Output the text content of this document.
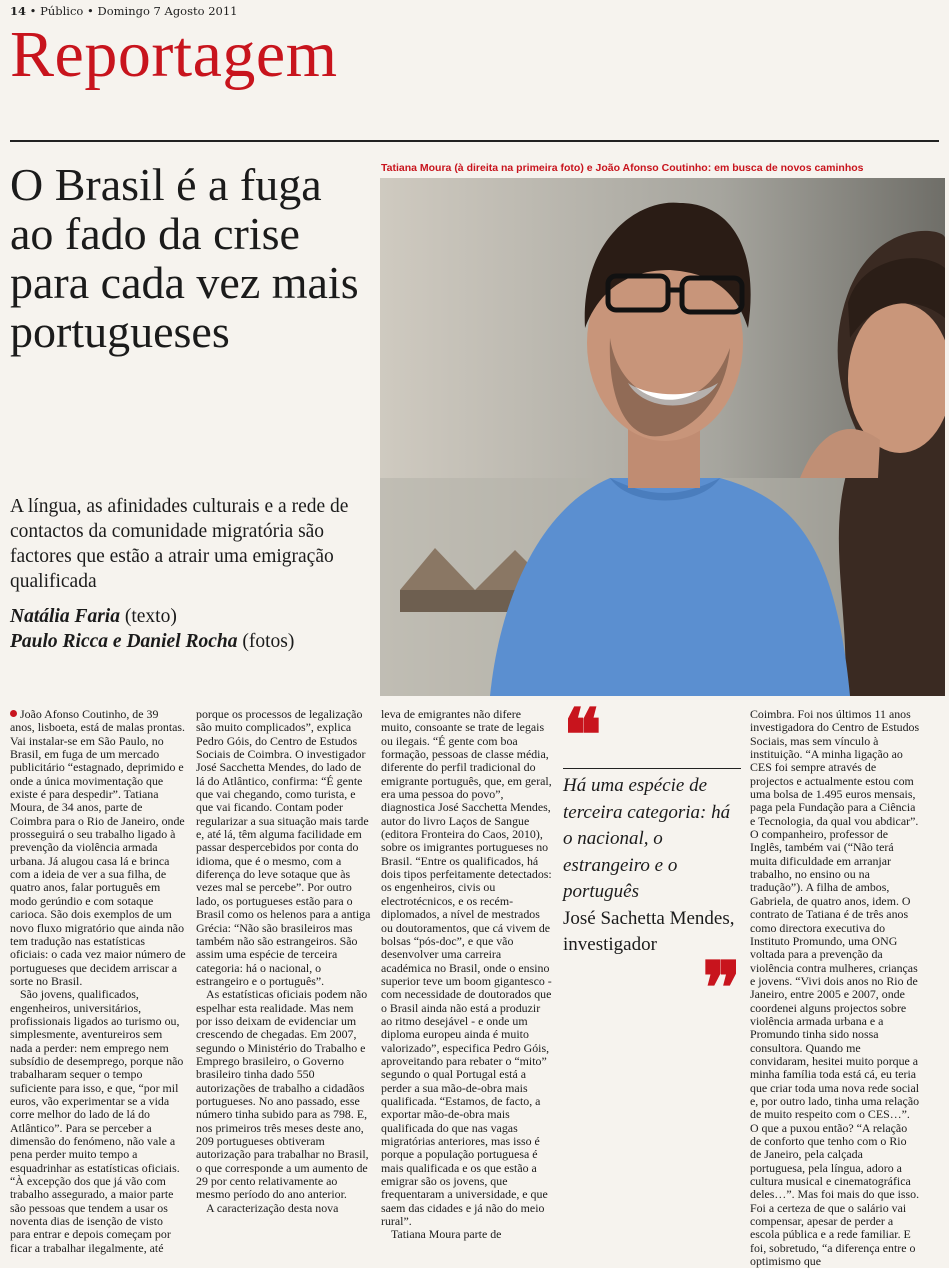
14 • Público • Domingo 7 Agosto 2011
Reportagem
O Brasil é a fuga ao fado da crise para cada vez mais portugueses

A língua, as afinidades culturais e a rede de contactos da comunidade migratória são factores que estão a atrair uma emigração qualificada

Natália Faria (texto)
Paulo Ricca e Daniel Rocha (fotos)
Tatiana Moura (à direita na primeira foto) e João Afonso Coutinho: em busca de novos caminhos

João Afonso Coutinho, de 39 anos, lisboeta, está de malas prontas. Vai instalar-se em São Paulo, no Brasil, em fuga de um mercado publicitário “estagnado, deprimido e onde a única movimentação que existe é para despedir”. Tatiana Moura, de 34 anos, parte de Coimbra para o Rio de Janeiro, onde prosseguirá o seu trabalho ligado à prevenção da violência armada urbana. Já alugou casa lá e brinca com a ideia de ver a sua filha, de quatro anos, falar português em modo gerúndio e com sotaque carioca. São dois exemplos de um novo fluxo migratório que ainda não tem tradução nas estatísticas oficiais: o cada vez maior número de portugueses que decidem arriscar a sorte no Brasil.

São jovens, qualificados, engenheiros, universitários, profissionais ligados ao turismo ou, simplesmente, aventureiros sem nada a perder: nem emprego nem subsídio de desemprego, porque não trabalharam sequer o tempo suficiente para isso, e que, “por mil euros, vão experimentar se a vida corre melhor do lado de lá do Atlântico”. Para se perceber a dimensão do fenómeno, não vale a pena perder muito tempo a esquadrinhar as estatísticas oficiais. “À excepção dos que já vão com trabalho assegurado, a maior parte são pessoas que tendem a usar os noventa dias de isenção de visto para entrar e depois começam por ficar a trabalhar ilegalmente, até

porque os processos de legalização são muito complicados”, explica Pedro Góis, do Centro de Estudos Sociais de Coimbra. O investigador José Sacchetta Mendes, do lado de lá do Atlântico, confirma: “É gente que vai chegando, como turista, e que vai ficando. Contam poder regularizar a sua situação mais tarde e, até lá, têm alguma facilidade em passar despercebidos por conta do idioma, que é o mesmo, com a diferença do leve sotaque que às vezes mal se percebe”. Por outro lado, os portugueses estão para o Brasil como os helenos para a antiga Grécia: “Não são brasileiros mas também não são estrangeiros. São assim uma espécie de terceira categoria: há o nacional, o estrangeiro e o português”.

As estatísticas oficiais podem não espelhar esta realidade. Mas nem por isso deixam de evidenciar um crescendo de chegadas. Em 2007, segundo o Ministério do Trabalho e Emprego brasileiro, o Governo brasileiro tinha dado 550 autorizações de trabalho a cidadãos portugueses. No ano passado, esse número tinha subido para as 798. E, nos primeiros três meses deste ano, 209 portugueses obtiveram autorização para trabalhar no Brasil, o que corresponde a um aumento de 29 por cento relativamente ao mesmo período do ano anterior.

A caracterização desta nova

leva de emigrantes não difere muito, consoante se trate de legais ou ilegais. “É gente com boa formação, pessoas de classe média, diferente do perfil tradicional do emigrante português, que, em geral, era uma pessoa do povo”, diagnostica José Sacchetta Mendes, autor do livro Laços de Sangue (editora Fronteira do Caos, 2010), sobre os imigrantes portugueses no Brasil. “Entre os qualificados, há dois tipos perfeitamente detectados: os engenheiros, civis ou electrotécnicos, e os recém-diplomados, a nível de mestrados ou doutoramentos, que cá vivem de bolsas “pós-doc”, e que vão desenvolver uma carreira académica no Brasil, onde o ensino superior teve um boom gigantesco - com necessidade de doutorados que o Brasil ainda não está a produzir ao ritmo desejável - e onde um diploma europeu ainda é muito valorizado”, especifica Pedro Góis, aproveitando para rebater o “mito” segundo o qual Portugal está a perder a sua mão-de-obra mais qualificada. “Estamos, de facto, a exportar mão-de-obra mais qualificada do que nas vagas migratórias anteriores, mas isso é porque a população portuguesa é mais qualificada e os que estão a emigrar são os jovens, que frequentaram a universidade, e que saem das cidades e já não do meio rural”.

Tatiana Moura parte de

❝

Há uma espécie de terceira categoria: há o nacional, o estrangeiro e o português

José Sachetta Mendes, investigador

❞

Coimbra. Foi nos últimos 11 anos investigadora do Centro de Estudos Sociais, mas sem vínculo à instituição. “A minha ligação ao CES foi sempre através de projectos e actualmente estou com uma bolsa de 1.495 euros mensais, paga pela Fundação para a Ciência e Tecnologia, da qual vou abdicar”. O companheiro, professor de Inglês, também vai (“Não terá muita dificuldade em arranjar trabalho, no ensino ou na tradução”). A filha de ambos, Gabriela, de quatro anos, idem. O contrato de Tatiana é de três anos como directora executiva do Instituto Promundo, uma ONG voltada para a prevenção da violência contra mulheres, crianças e jovens. “Vivi dois anos no Rio de Janeiro, entre 2005 e 2007, onde coordenei alguns projectos sobre violência armada urbana e a Promundo tinha sido nossa consultora. Quando me convidaram, hesitei muito porque a minha família toda está cá, eu teria que criar toda uma nova rede social e, por outro lado, tinha uma relação de muito respeito com o CES…”. O que a puxou então? “A relação de conforto que tenho com o Rio de Janeiro, pela calçada portuguesa, pela língua, adoro a cultura musical e cinematográfica deles…”. Mas foi mais do que isso. Foi a certeza de que o salário vai compensar, apesar de perder a escola pública e a rede familiar. E foi, sobretudo, “a diferença entre o optimismo que
